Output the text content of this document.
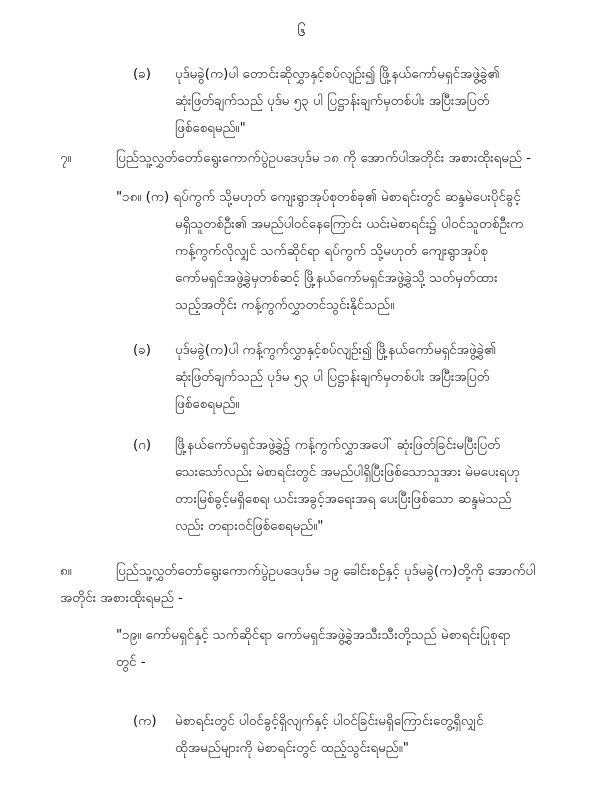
၆
(ခ) ပုဒ်မခွဲ(က)ပါ တောင်းဆိုလွှာနှင့်စပ်လျဉ်း၍ ဖြို့နယ်ကော်မရှင်အဖွဲ့ခွဲ၏
ဆုံးဖြတ်ချက်သည် ပုဒ်မ ၅၃ ပါ ပြဋ္ဌာန်းချက်မှတစ်ပါး အပြီးအပြတ်
ဖြစ်စေရမည်။"
၇။	ပြည်သူ့လွှတ်တော်ရွေးကောက်ပွဲဥပဒေပုဒ်မ ၁၈ ကို အောက်ပါအတိုင်း အစားထိုးရမည် -
"၁၈။ (က) ရပ်ကွက် သို့မဟုတ် ကျေးရွာအုပ်စုတစ်ခု၏ မဲစာရင်းတွင် ဆန္ဒမဲပေးပိုင်ခွင့်
မရှိသူတစ်ဦး၏ အမည်ပါဝင်နေကြောင်း ယင်းမဲစာရင်း၌ ပါဝင်သူတစ်ဦးက
ကန့်ကွက်လိုလျှင် သက်ဆိုင်ရာ ရပ်ကွက် သို့မဟုတ် ကျေးရွာအုပ်စု
ကော်မရှင်အဖွဲ့ခွဲမှတစ်ဆင့် ဖြို့နယ်ကော်မရှင်အဖွဲ့ခွဲသို့ သတ်မှတ်ထား
သည့်အတိုင်း ကန့်ကွက်လွှာတင်သွင်းနိုင်သည်။
(ခ) ပုဒ်မခွဲ(က)ပါ ကန့်ကွက်လွှာနှင့်စပ်လျဉ်း၍ ဖြို့နယ်ကော်မရှင်အဖွဲ့ခွဲ၏
ဆုံးဖြတ်ချက်သည် ပုဒ်မ ၅၃ ပါ ပြဋ္ဌာန်းချက်မှတစ်ပါး အပြီးအပြတ်
ဖြစ်စေရမည်။
(ဂ) ဖြို့နယ်ကော်မရှင်အဖွဲ့ခွဲ၌ ကန့်ကွက်လွှာအပေါ် ဆုံးဖြတ်ခြင်းမပြီးပြတ်
သေးသော်လည်း မဲစာရင်းတွင် အမည်ပါရှိပြီးဖြစ်သောသူအား မဲမပေးရဟု
တားမြစ်ခွင့်မရှိစေရ၊ ယင်းအခွင့်အရေးအရ ပေးပြီးဖြစ်သော ဆန္ဒမဲသည်
လည်း တရားဝင်ဖြစ်စေရမည်။"
၈။	ပြည်သူ့လွှတ်တော်ရွေးကောက်ပွဲဥပဒေပုဒ်မ ၁၉ ခေါင်းစဉ်နှင့် ပုဒ်မခွဲ(က)တို့ကို အောက်ပါ
အတိုင်း အစားထိုးရမည် -
"၁၉။ ကော်မရှင်နှင့် သက်ဆိုင်ရာ ကော်မရှင်အဖွဲ့ခွဲအသီးသီးတို့သည် မဲစာရင်းပြုစုရာ
တွင် -
(က) မဲစာရင်းတွင် ပါဝင်ခွင့်ရှိလျက်နှင့် ပါဝင်ခြင်းမရှိကြောင်းတွေ့ရှိလျှင်
ထိုအမည်များကို မဲစာရင်းတွင် ထည့်သွင်းရမည်။"
